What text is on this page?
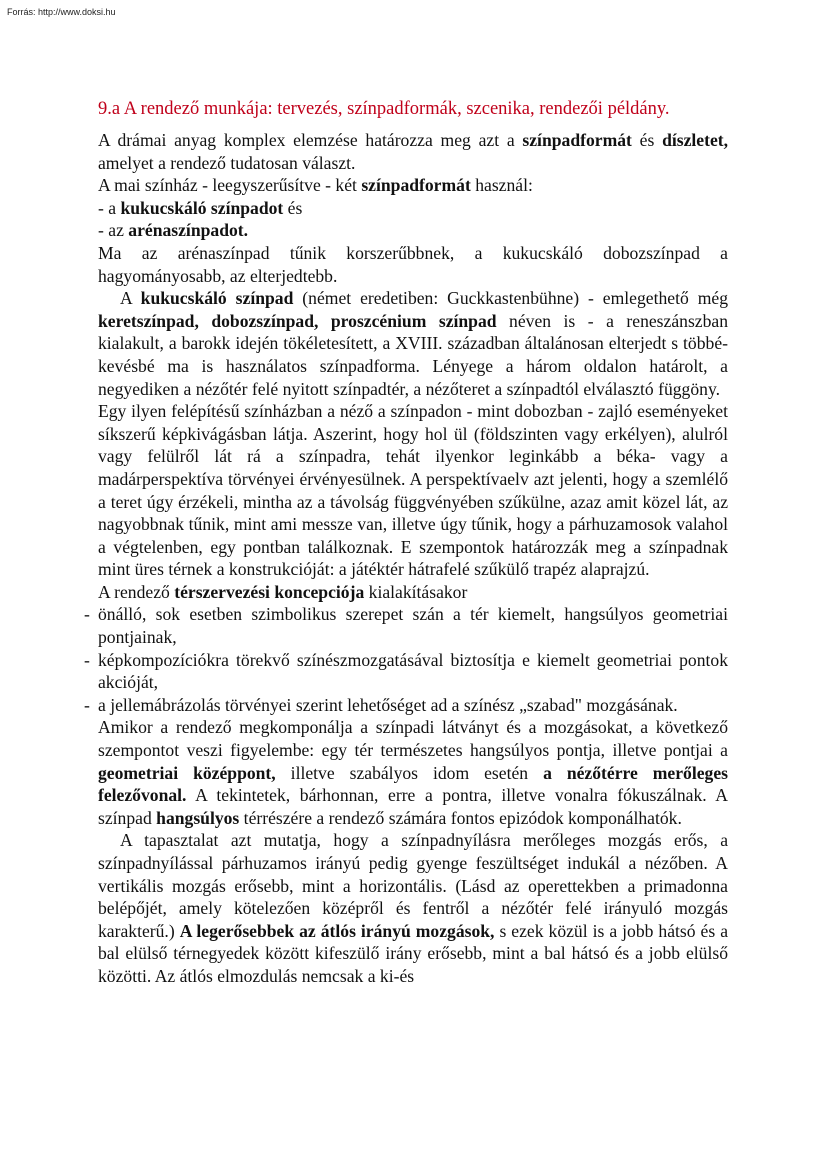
Forrás: http://www.doksi.hu
9.a A rendező munkája: tervezés, színpadformák, szcenika, rendezői példány.

A drámai anyag komplex elemzése határozza meg azt a színpadformát és díszletet, amelyet a rendező tudatosan választ.

A mai színház - leegyszerűsítve - két színpadformát használ:

- a kukucskáló színpadot és

- az arénaszínpadot.

Ma az arénaszínpad tűnik korszerűbbnek, a kukucskáló dobozszínpad a hagyományosabb, az elterjedtebb.

A kukucskáló színpad (német eredetiben: Guckkastenbühne) - emlegethető még keretszínpad, dobozszínpad, proszcénium színpad néven is - a reneszánszban kialakult, a barokk idején tökéletesített, a XVIII. században általánosan elterjedt s többé-kevésbé ma is használatos színpadforma. Lényege a három oldalon határolt, a negyediken a nézőtér felé nyitott színpadtér, a nézőteret a színpadtól elválasztó függöny.

Egy ilyen felépítésű színházban a néző a színpadon - mint dobozban - zajló eseményeket síkszerű képkivágásban látja. Aszerint, hogy hol ül (földszinten vagy erkélyen), alulról vagy felülről lát rá a színpadra, tehát ilyenkor leginkább a béka- vagy a madárperspektíva törvényei érvényesülnek. A perspektívaelv azt jelenti, hogy a szemlélő a teret úgy érzékeli, mintha az a távolság függvényében szűkülne, azaz amit közel lát, az nagyobbnak tűnik, mint ami messze van, illetve úgy tűnik, hogy a párhuzamosok valahol a végtelenben, egy pontban találkoznak. E szempontok határozzák meg a színpadnak mint üres térnek a konstrukcióját: a játéktér hátrafelé szűkülő trapéz alaprajzú.

A rendező térszervezési koncepciója kialakításakor

- önálló, sok esetben szimbolikus szerepet szán a tér kiemelt, hangsúlyos geometriai pontjainak,

- képkompozíciókra törekvő színészmozgatásával biztosítja e kiemelt geometriai pontok akcióját,

- a jellemábrázolás törvényei szerint lehetőséget ad a színész „szabad" mozgásának.

Amikor a rendező megkomponálja a színpadi látványt és a mozgásokat, a következő szempontot veszi figyelembe: egy tér természetes hangsúlyos pontja, illetve pontjai a geometriai középpont, illetve szabályos idom esetén a nézőtérre merőleges felezővonal. A tekintetek, bárhonnan, erre a pontra, illetve vonalra fókuszálnak. A színpad hangsúlyos térrészére a rendező számára fontos epizódok komponálhatók.

A tapasztalat azt mutatja, hogy a színpadnyílásra merőleges mozgás erős, a színpadnyílással párhuzamos irányú pedig gyenge feszültséget indukál a nézőben. A vertikális mozgás erősebb, mint a horizontális. (Lásd az operettekben a primadonna belépőjét, amely kötelezően középről és fentről a nézőtér felé irányuló mozgás karakterű.) A legerősebbek az átlós irányú mozgások, s ezek közül is a jobb hátsó és a bal elülső térnegyedek között kifeszülő irány erősebb, mint a bal hátsó és a jobb elülső közötti. Az átlós elmozdulás nemcsak a ki-és
